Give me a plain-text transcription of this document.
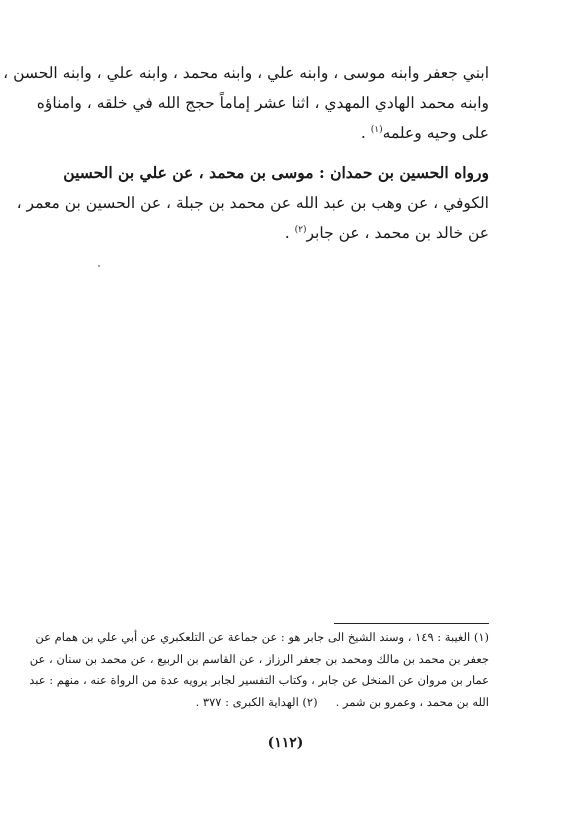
ابني جعفر وابنه موسى ، وابنه علي ، وابنه محمد ، وابنه علي ، وابنه الحسن ،
وابنه محمد الهادي المهدي ، اثنا عشر إماماً حجج الله في خلقه ، وامناؤه
على وحيه وعلمه$^{(١)}$ .
ورواه الحسين بن حمدان : موسى بن محمد ، عن علي بن الحسين
الكوفي ، عن وهب بن عبد الله عن محمد بن جبلة ، عن الحسين بن معمر ،
عن خالد بن محمد ، عن جابر$^{(٢)}$ .
(١) الغيبة : ١٤٩ ، وسند الشيخ الى جابر هو : عن جماعة عن التلعكبري عن أبي علي بن همام عن
جعفر بن محمد بن مالك ومحمد بن جعفر الرزاز ، عن القاسم بن الربيع ، عن محمد بن سنان ، عن
عمار بن مروان عن المنخل عن جابر ، وكتاب التفسير لجابر يرويه عدة من الرواة عنه ، منهم : عبد
الله بن محمد ، وعمرو بن شمر .(٢) الهداية الكبرى : ٣٧٧ .
(١١٢)
